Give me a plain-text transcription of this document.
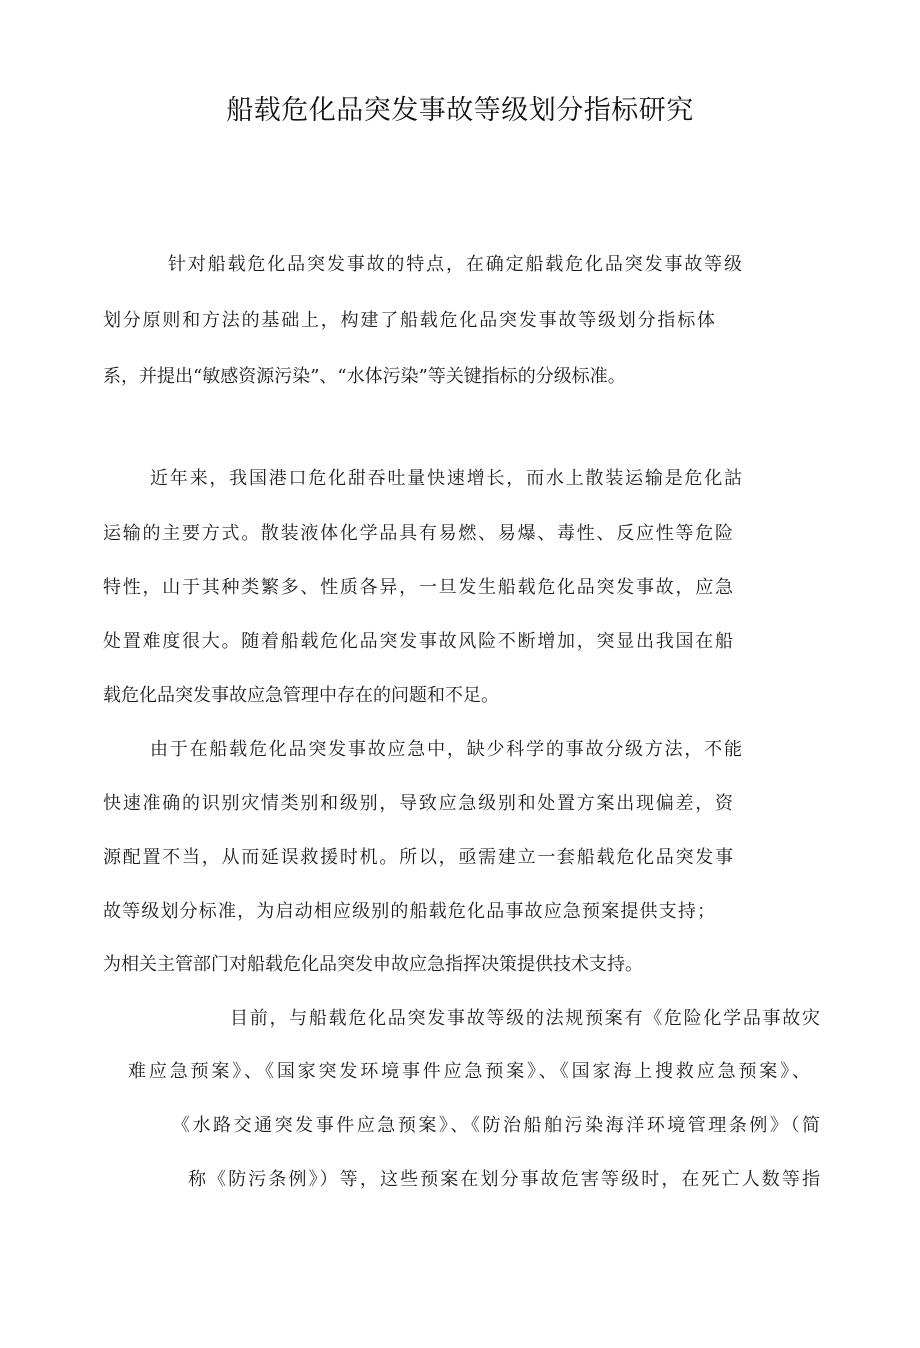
船载危化品突发事故等级划分指标研究
针对船载危化品突发事故的特点，在确定船载危化品突发事故等级
划分原则和方法的基础上，构建了船载危化品突发事故等级划分指标体
系，并提出“敏感资源污染”、“水体污染”等关键指标的分级标准。
近年来，我国港口危化甜吞吐量快速增长，而水上散装运输是危化詁
运输的主要方式。散装液体化学品具有易燃、易爆、毒性、反应性等危险
特性，山于其种类繁多、性质各异，一旦发生船载危化品突发事故，应急
处置难度很大。随着船载危化品突发事故风险不断增加，突显出我国在船
载危化品突发事故应急管理中存在的问题和不足。
由于在船载危化品突发事故应急中，缺少科学的事故分级方法，不能
快速准确的识别灾情类别和级别，导致应急级别和处置方案出现偏差，资
源配置不当，从而延误救援时机。所以，亟需建立一套船载危化品突发事
故等级划分标准，为启动相应级别的船载危化品事故应急预案提供支持；
为相关主管部门对船载危化品突发申故应急指挥决策提供技术支持。
目前，与船载危化品突发事故等级的法规预案有《危险化学品事故灾
难应急预案》、《国家突发环境事件应急预案》、《国家海上搜救应急预案》、
《水路交通突发事件应急预案》、《防治船舶污染海洋环境管理条例》（简
称《防污条例》）等，这些预案在划分事故危害等级时，在死亡人数等指
